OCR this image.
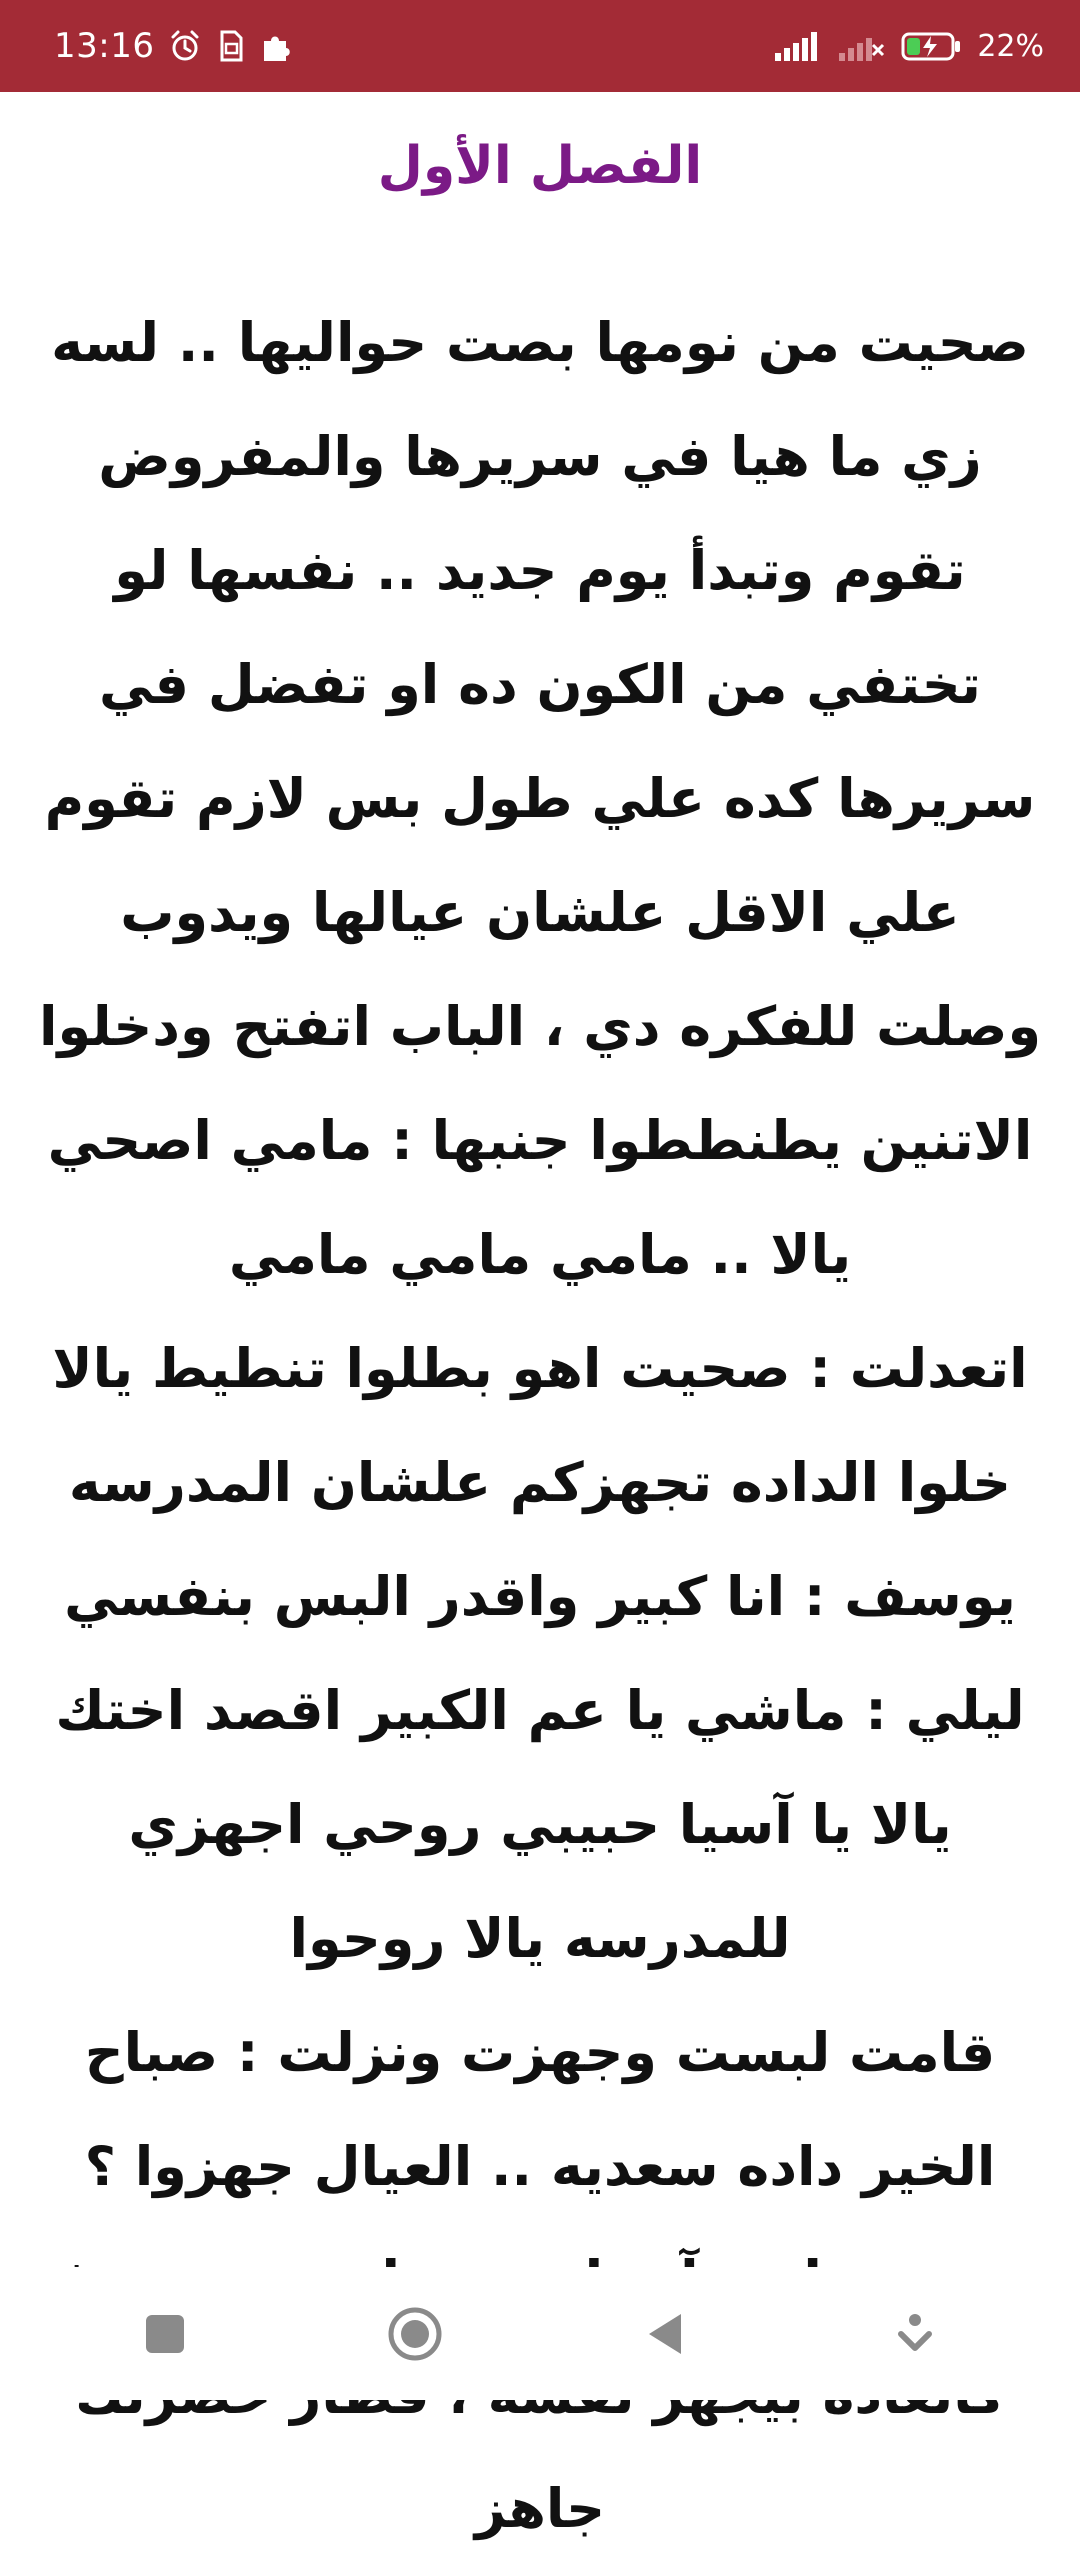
13:16	22%
الفصل الأول

صحيت من نومها بصت حواليها .. لسه زي ما هيا في سريرها والمفروض تقوم وتبدأ يوم جديد .. نفسها لو تختفي من الكون ده او تفضل في سريرها كده علي طول بس لازم تقوم علي الاقل علشان عيالها ويدوب وصلت للفكره دي ، الباب اتفتح ودخلوا الاتنين يطنططوا جنبها : مامي اصحي يالا .. مامي مامي مامي

اتعدلت : صحيت اهو بطلوا تنطيط يالا خلوا الداده تجهزكم علشان المدرسه

يوسف : انا كبير واقدر البس بنفسي

ليلي : ماشي يا عم الكبير اقصد اختك يالا يا آسيا حبيبي روحي اجهزي للمدرسه يالا روحوا

قامت لبست وجهزت ونزلت : صباح الخير داده سعديه .. العيال جهزوا ؟

جاهز
